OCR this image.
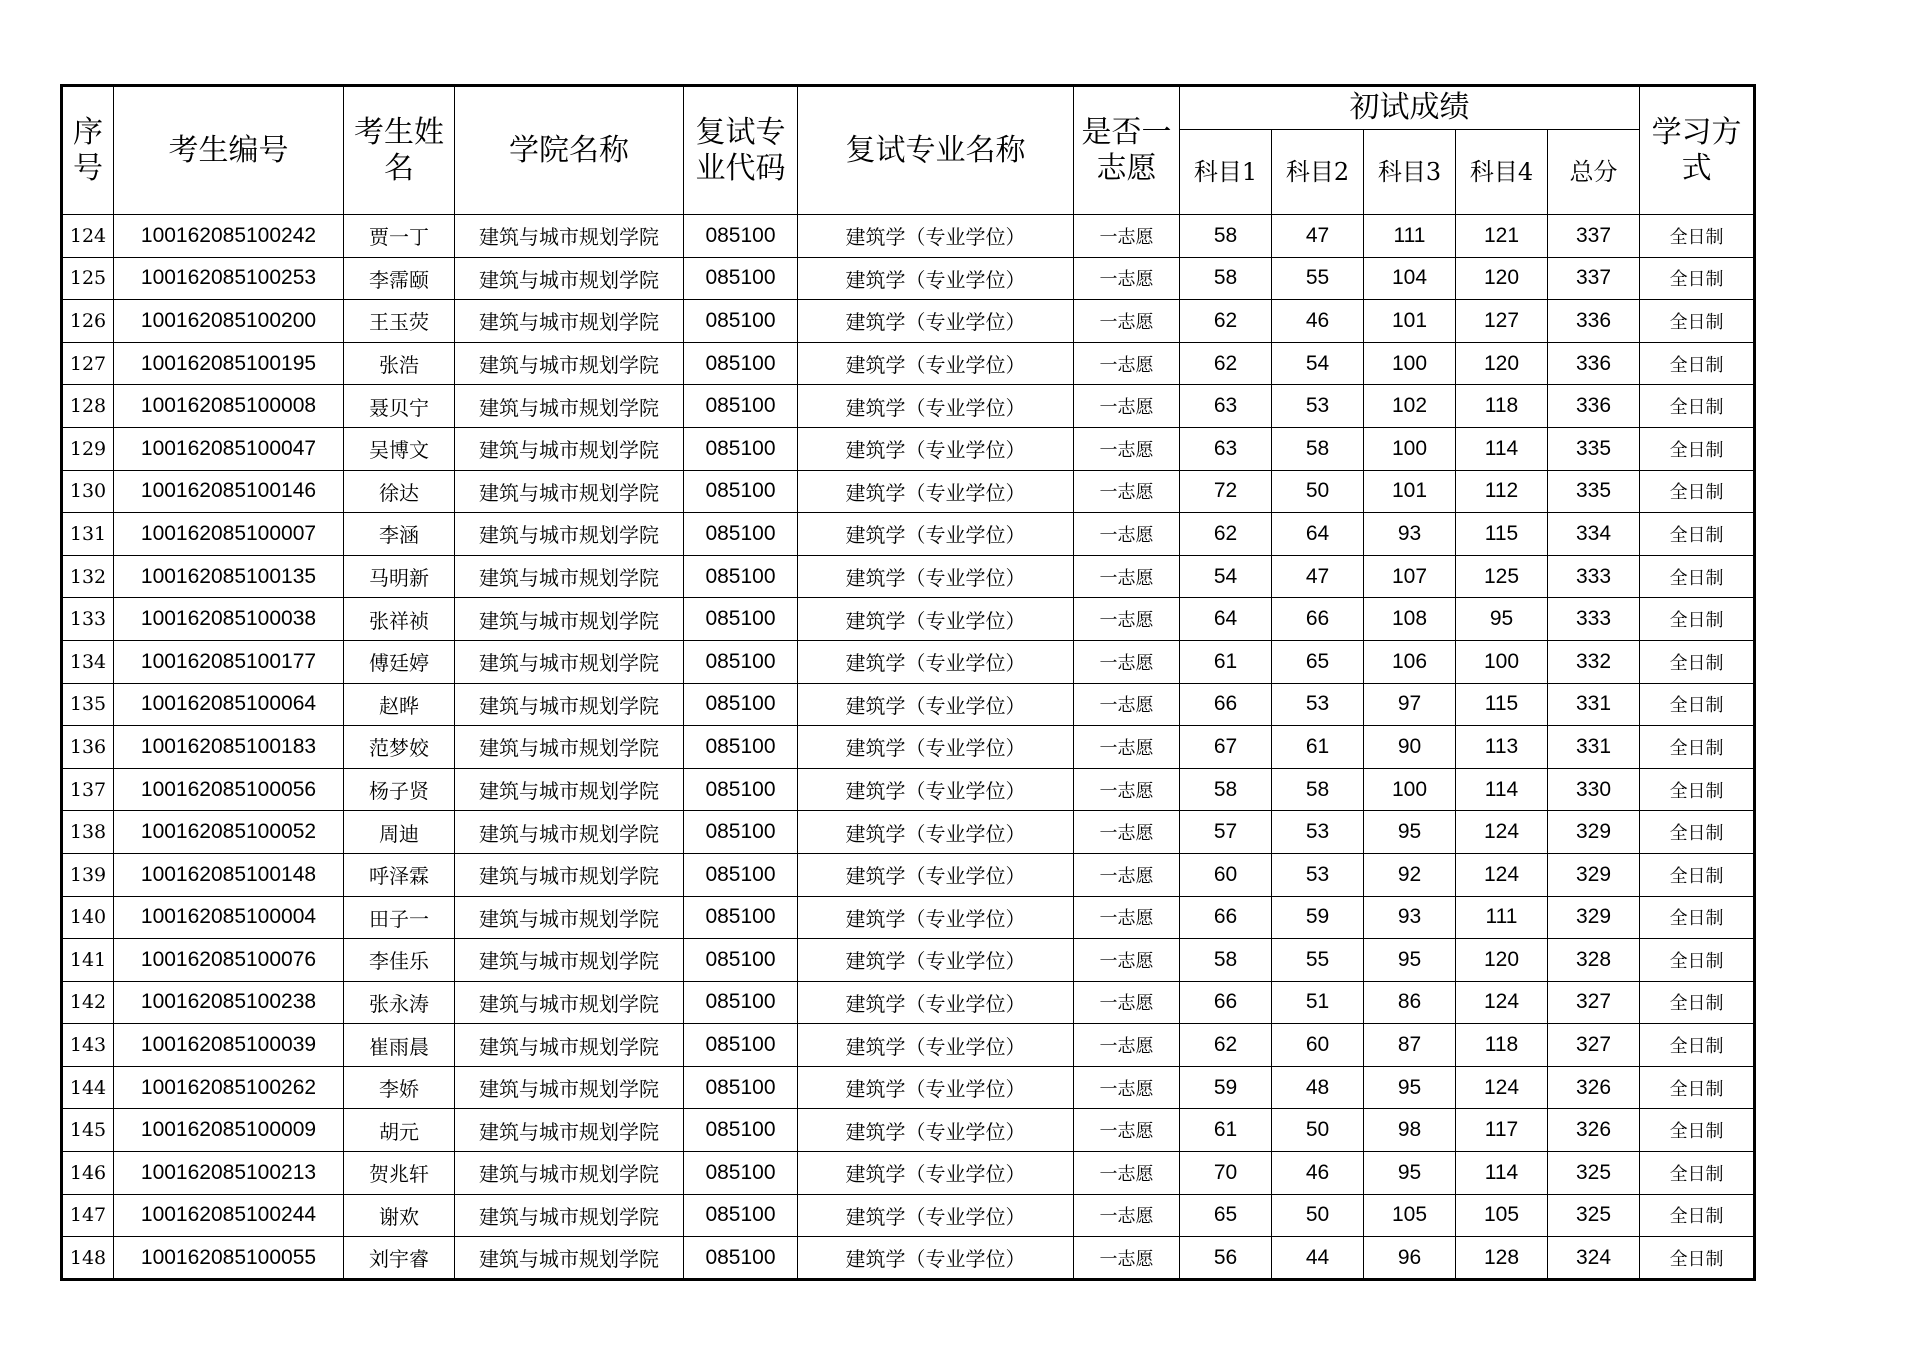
序号	考生编号	考生姓名	学院名称	复试专业代码	复试专业名称	是否一志愿	初试成绩					学习方式
							科目1	科目2	科目3	科目4	总分	
124	100162085100242	贾一丁	建筑与城市规划学院	085100	建筑学（专业学位）	一志愿	58	47	111	121	337	全日制
125	100162085100253	李霈颐	建筑与城市规划学院	085100	建筑学（专业学位）	一志愿	58	55	104	120	337	全日制
126	100162085100200	王玉荧	建筑与城市规划学院	085100	建筑学（专业学位）	一志愿	62	46	101	127	336	全日制
127	100162085100195	张浩	建筑与城市规划学院	085100	建筑学（专业学位）	一志愿	62	54	100	120	336	全日制
128	100162085100008	聂贝宁	建筑与城市规划学院	085100	建筑学（专业学位）	一志愿	63	53	102	118	336	全日制
129	100162085100047	吴博文	建筑与城市规划学院	085100	建筑学（专业学位）	一志愿	63	58	100	114	335	全日制
130	100162085100146	徐达	建筑与城市规划学院	085100	建筑学（专业学位）	一志愿	72	50	101	112	335	全日制
131	100162085100007	李涵	建筑与城市规划学院	085100	建筑学（专业学位）	一志愿	62	64	93	115	334	全日制
132	100162085100135	马明新	建筑与城市规划学院	085100	建筑学（专业学位）	一志愿	54	47	107	125	333	全日制
133	100162085100038	张祥祯	建筑与城市规划学院	085100	建筑学（专业学位）	一志愿	64	66	108	95	333	全日制
134	100162085100177	傅廷婷	建筑与城市规划学院	085100	建筑学（专业学位）	一志愿	61	65	106	100	332	全日制
135	100162085100064	赵晔	建筑与城市规划学院	085100	建筑学（专业学位）	一志愿	66	53	97	115	331	全日制
136	100162085100183	范梦姣	建筑与城市规划学院	085100	建筑学（专业学位）	一志愿	67	61	90	113	331	全日制
137	100162085100056	杨子贤	建筑与城市规划学院	085100	建筑学（专业学位）	一志愿	58	58	100	114	330	全日制
138	100162085100052	周迪	建筑与城市规划学院	085100	建筑学（专业学位）	一志愿	57	53	95	124	329	全日制
139	100162085100148	呼泽霖	建筑与城市规划学院	085100	建筑学（专业学位）	一志愿	60	53	92	124	329	全日制
140	100162085100004	田子一	建筑与城市规划学院	085100	建筑学（专业学位）	一志愿	66	59	93	111	329	全日制
141	100162085100076	李佳乐	建筑与城市规划学院	085100	建筑学（专业学位）	一志愿	58	55	95	120	328	全日制
142	100162085100238	张永涛	建筑与城市规划学院	085100	建筑学（专业学位）	一志愿	66	51	86	124	327	全日制
143	100162085100039	崔雨晨	建筑与城市规划学院	085100	建筑学（专业学位）	一志愿	62	60	87	118	327	全日制
144	100162085100262	李娇	建筑与城市规划学院	085100	建筑学（专业学位）	一志愿	59	48	95	124	326	全日制
145	100162085100009	胡元	建筑与城市规划学院	085100	建筑学（专业学位）	一志愿	61	50	98	117	326	全日制
146	100162085100213	贺兆轩	建筑与城市规划学院	085100	建筑学（专业学位）	一志愿	70	46	95	114	325	全日制
147	100162085100244	谢欢	建筑与城市规划学院	085100	建筑学（专业学位）	一志愿	65	50	105	105	325	全日制
148	100162085100055	刘宇睿	建筑与城市规划学院	085100	建筑学（专业学位）	一志愿	56	44	96	128	324	全日制
